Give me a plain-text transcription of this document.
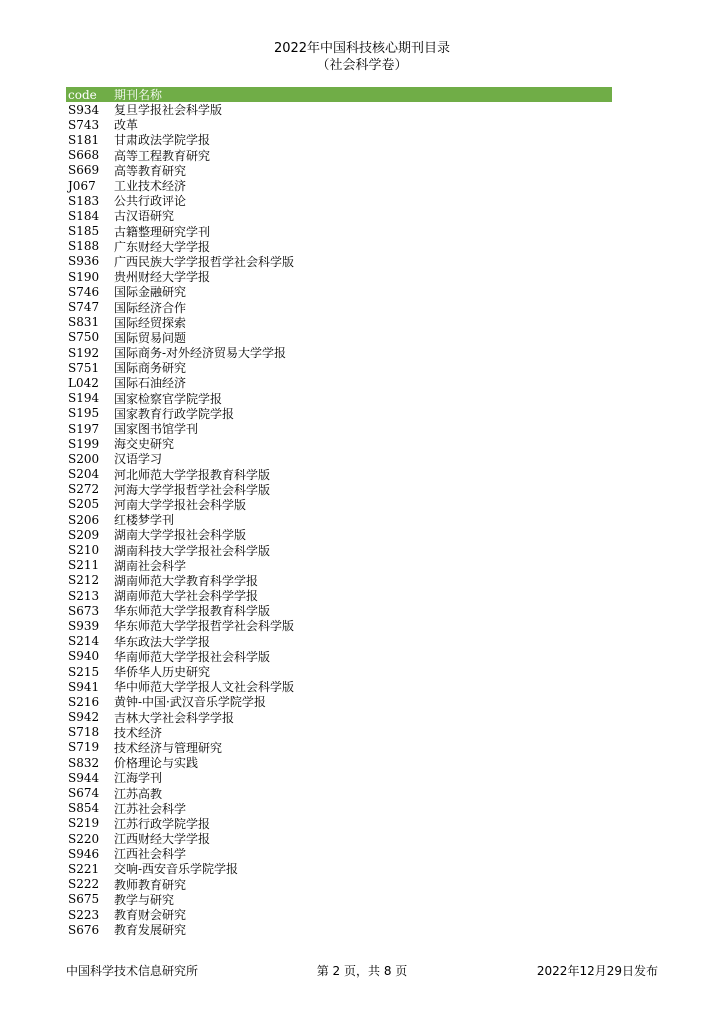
2022年中国科技核心期刊目录
（社会科学卷）
code	期刊名称
S934	复旦学报社会科学版
S743	改革
S181	甘肃政法学院学报
S668	高等工程教育研究
S669	高等教育研究
J067	工业技术经济
S183	公共行政评论
S184	古汉语研究
S185	古籍整理研究学刊
S188	广东财经大学学报
S936	广西民族大学学报哲学社会科学版
S190	贵州财经大学学报
S746	国际金融研究
S747	国际经济合作
S831	国际经贸探索
S750	国际贸易问题
S192	国际商务-对外经济贸易大学学报
S751	国际商务研究
L042	国际石油经济
S194	国家检察官学院学报
S195	国家教育行政学院学报
S197	国家图书馆学刊
S199	海交史研究
S200	汉语学习
S204	河北师范大学学报教育科学版
S272	河海大学学报哲学社会科学版
S205	河南大学学报社会科学版
S206	红楼梦学刊
S209	湖南大学学报社会科学版
S210	湖南科技大学学报社会科学版
S211	湖南社会科学
S212	湖南师范大学教育科学学报
S213	湖南师范大学社会科学学报
S673	华东师范大学学报教育科学版
S939	华东师范大学学报哲学社会科学版
S214	华东政法大学学报
S940	华南师范大学学报社会科学版
S215	华侨华人历史研究
S941	华中师范大学学报人文社会科学版
S216	黄钟-中国·武汉音乐学院学报
S942	吉林大学社会科学学报
S718	技术经济
S719	技术经济与管理研究
S832	价格理论与实践
S944	江海学刊
S674	江苏高教
S854	江苏社会科学
S219	江苏行政学院学报
S220	江西财经大学学报
S946	江西社会科学
S221	交响-西安音乐学院学报
S222	教师教育研究
S675	教学与研究
S223	教育财会研究
S676	教育发展研究
中国科学技术信息研究所	第 2 页，共 8 页	2022年12月29日发布
